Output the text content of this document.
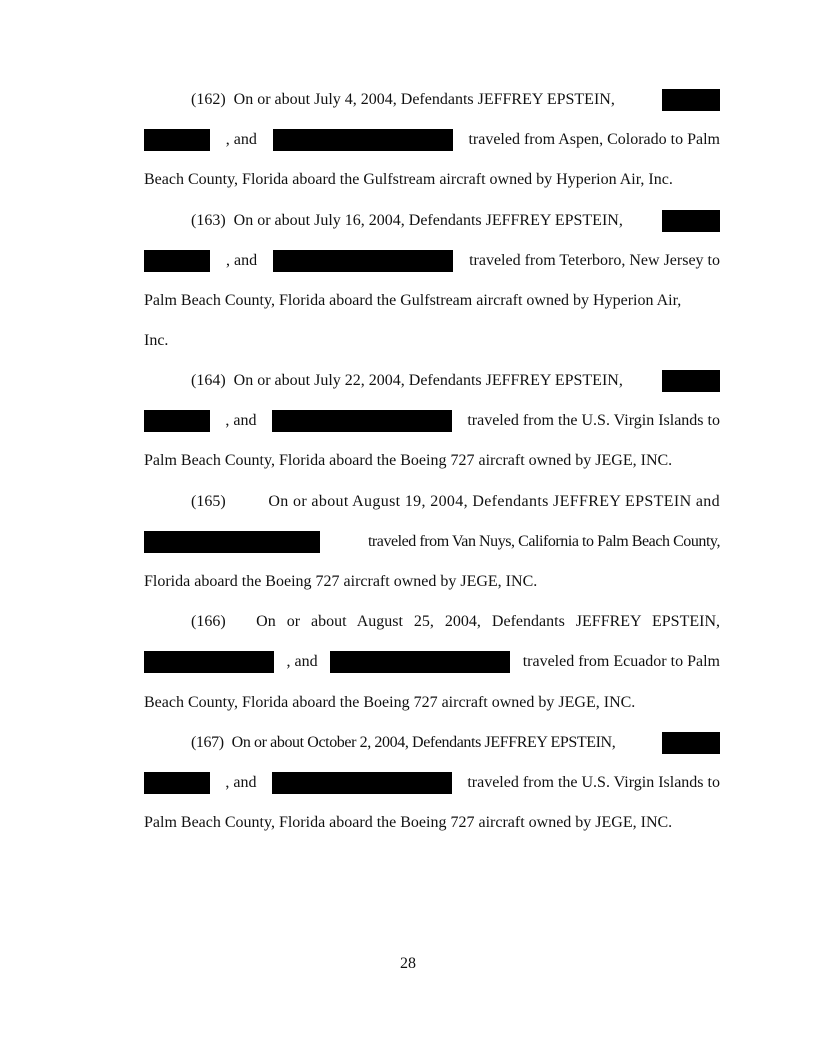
(162) On or about July 4, 2004, Defendants JEFFREY EPSTEIN,
, and	traveled from Aspen, Colorado to Palm
Beach County, Florida aboard the Gulfstream aircraft owned by Hyperion Air, Inc.
(163) On or about July 16, 2004, Defendants JEFFREY EPSTEIN,
, and	traveled from Teterboro, New Jersey to
Palm Beach County, Florida aboard the Gulfstream aircraft owned by Hyperion Air,
Inc.
(164) On or about July 22, 2004, Defendants JEFFREY EPSTEIN,
, and	traveled from the U.S. Virgin Islands to
Palm Beach County, Florida aboard the Boeing 727 aircraft owned by JEGE, INC.
(165)	On or about August 19, 2004, Defendants JEFFREY EPSTEIN and
traveled from Van Nuys, California to Palm Beach County,
Florida aboard the Boeing 727 aircraft owned by JEGE, INC.
(166) On or about August 25, 2004, Defendants JEFFREY EPSTEIN,
, and	traveled from Ecuador to Palm
Beach County, Florida aboard the Boeing 727 aircraft owned by JEGE, INC.
(167) On or about October 2, 2004, Defendants JEFFREY EPSTEIN,
, and	traveled from the U.S. Virgin Islands to
Palm Beach County, Florida aboard the Boeing 727 aircraft owned by JEGE, INC.
28
